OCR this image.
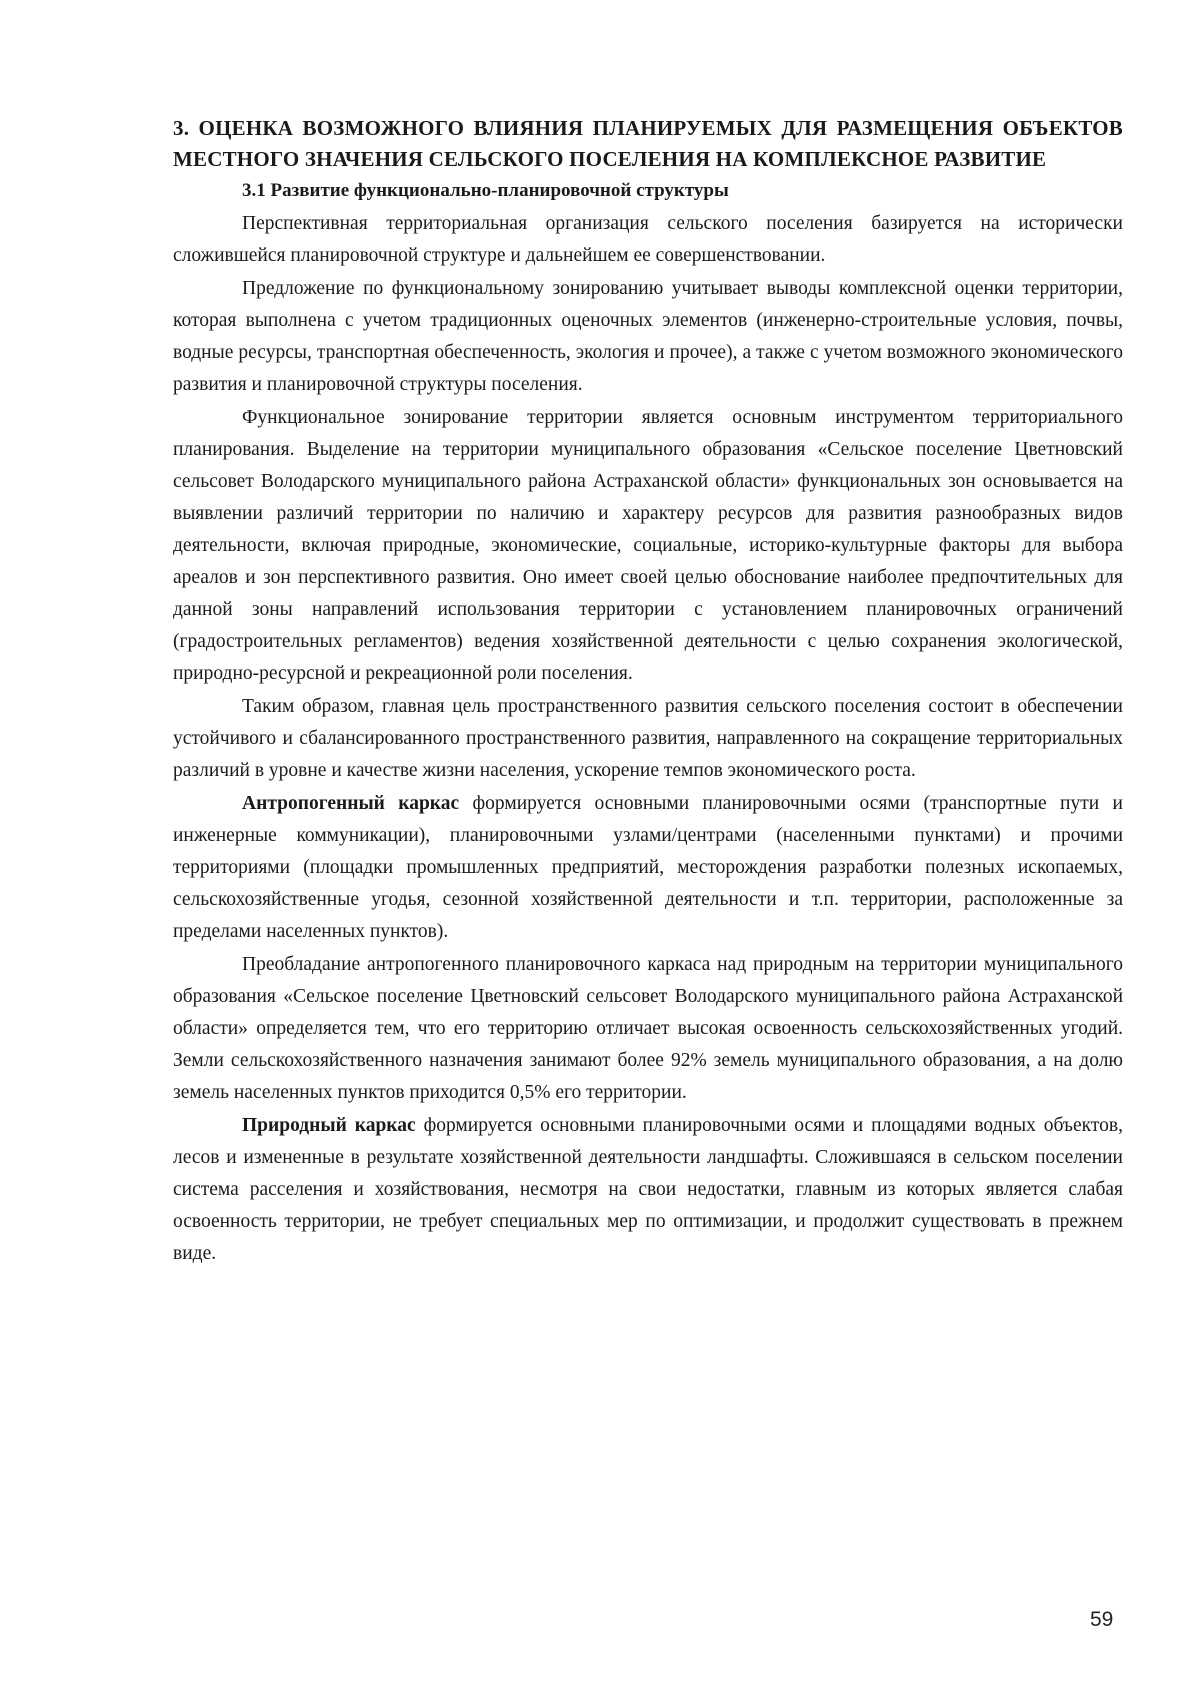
3. ОЦЕНКА ВОЗМОЖНОГО ВЛИЯНИЯ ПЛАНИРУЕМЫХ ДЛЯ РАЗМЕЩЕНИЯ ОБЪЕКТОВ МЕСТНОГО ЗНАЧЕНИЯ СЕЛЬСКОГО ПОСЕЛЕНИЯ НА КОМПЛЕКСНОЕ РАЗВИТИЕ

3.1 Развитие функционально-планировочной структуры

Перспективная территориальная организация сельского поселения базируется на исторически сложившейся планировочной структуре и дальнейшем ее совершенствовании.

Предложение по функциональному зонированию учитывает выводы комплексной оценки территории, которая выполнена с учетом традиционных оценочных элементов (инженерно-строительные условия, почвы, водные ресурсы, транспортная обеспеченность, экология и прочее), а также с учетом возможного экономического развития и планировочной структуры поселения.

Функциональное зонирование территории является основным инструментом территориального планирования. Выделение на территории муниципального образования «Сельское поселение Цветновский сельсовет Володарского муниципального района Астраханской области» функциональных зон основывается на выявлении различий территории по наличию и характеру ресурсов для развития разнообразных видов деятельности, включая природные, экономические, социальные, историко-культурные факторы для выбора ареалов и зон перспективного развития. Оно имеет своей целью обоснование наиболее предпочтительных для данной зоны направлений использования территории с установлением планировочных ограничений (градостроительных регламентов) ведения хозяйственной деятельности с целью сохранения экологической, природно-ресурсной и рекреационной роли поселения.

Таким образом, главная цель пространственного развития сельского поселения состоит в обеспечении устойчивого и сбалансированного пространственного развития, направленного на сокращение территориальных различий в уровне и качестве жизни населения, ускорение темпов экономического роста.

Антропогенный каркас формируется основными планировочными осями (транспортные пути и инженерные коммуникации), планировочными узлами/центрами (населенными пунктами) и прочими территориями (площадки промышленных предприятий, месторождения разработки полезных ископаемых, сельскохозяйственные угодья, сезонной хозяйственной деятельности и т.п. территории, расположенные за пределами населенных пунктов).

Преобладание антропогенного планировочного каркаса над природным на территории муниципального образования «Сельское поселение Цветновский сельсовет Володарского муниципального района Астраханской области» определяется тем, что его территорию отличает высокая освоенность сельскохозяйственных угодий. Земли сельскохозяйственного назначения занимают более 92% земель муниципального образования, а на долю земель населенных пунктов приходится 0,5% его территории.

Природный каркас формируется основными планировочными осями и площадями водных объектов, лесов и измененные в результате хозяйственной деятельности ландшафты. Сложившаяся в сельском поселении система расселения и хозяйствования, несмотря на свои недостатки, главным из которых является слабая освоенность территории, не требует специальных мер по оптимизации, и продолжит существовать в прежнем виде.

59
